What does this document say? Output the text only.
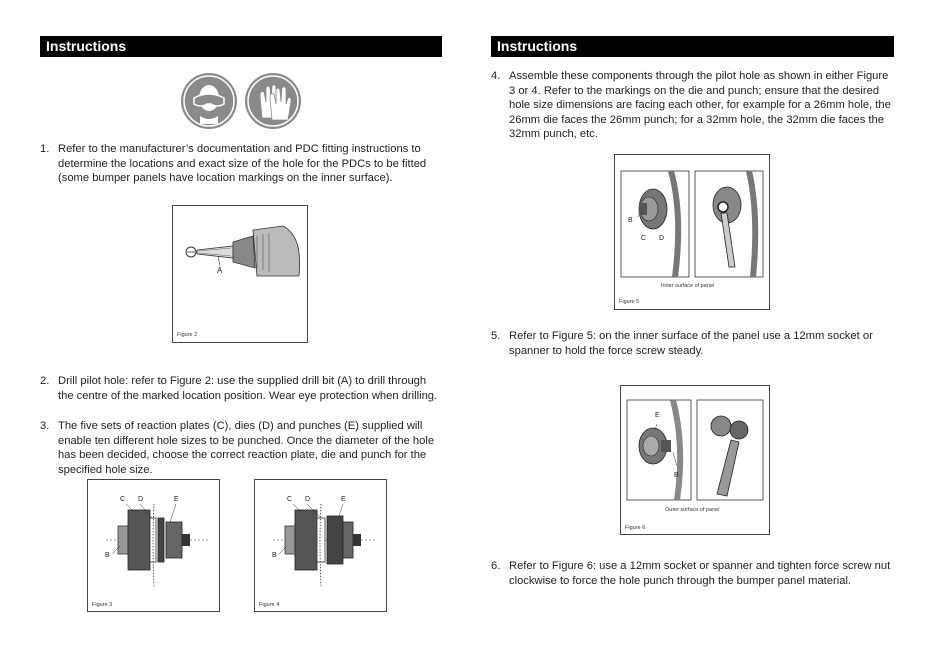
Instructions
1. Refer to the manufacturer’s documentation and PDC fitting instructions to determine the locations and exact size of the hole for the PDCs to be fitted (some bumper panels have location markings on the inner surface).
A
Figure 2
2. Drill pilot hole: refer to Figure 2: use the supplied drill bit (A) to drill through the centre of the marked location position. Wear eye protection when drilling.
3. The five sets of reaction plates (C), dies (D) and punches (E) supplied will enable ten different hole sizes to be punched. Once the diameter of the hole has been decided, choose the correct reaction plate, die and punch for the specified hole size.
C D	E
B
Figure 3
C D	E
B
Figure 4
Instructions
4. Assemble these components through the pilot hole as shown in either Figure 3 or 4. Refer to the markings on the die and punch; ensure that the desired hole size dimensions are facing each other, for example for a 26mm hole, the 26mm die faces the 26mm punch; for a 32mm hole, the 32mm die faces the 32mm punch, etc.
B
C D
Inner surface of panel
Figure 5
5. Refer to Figure 5: on the inner surface of the panel use a 12mm socket or spanner to hold the force screw steady.
E
B
Outer surface of panel
Figure 6
6. Refer to Figure 6: use a 12mm socket or spanner and tighten force screw nut clockwise to force the hole punch through the bumper panel material.
